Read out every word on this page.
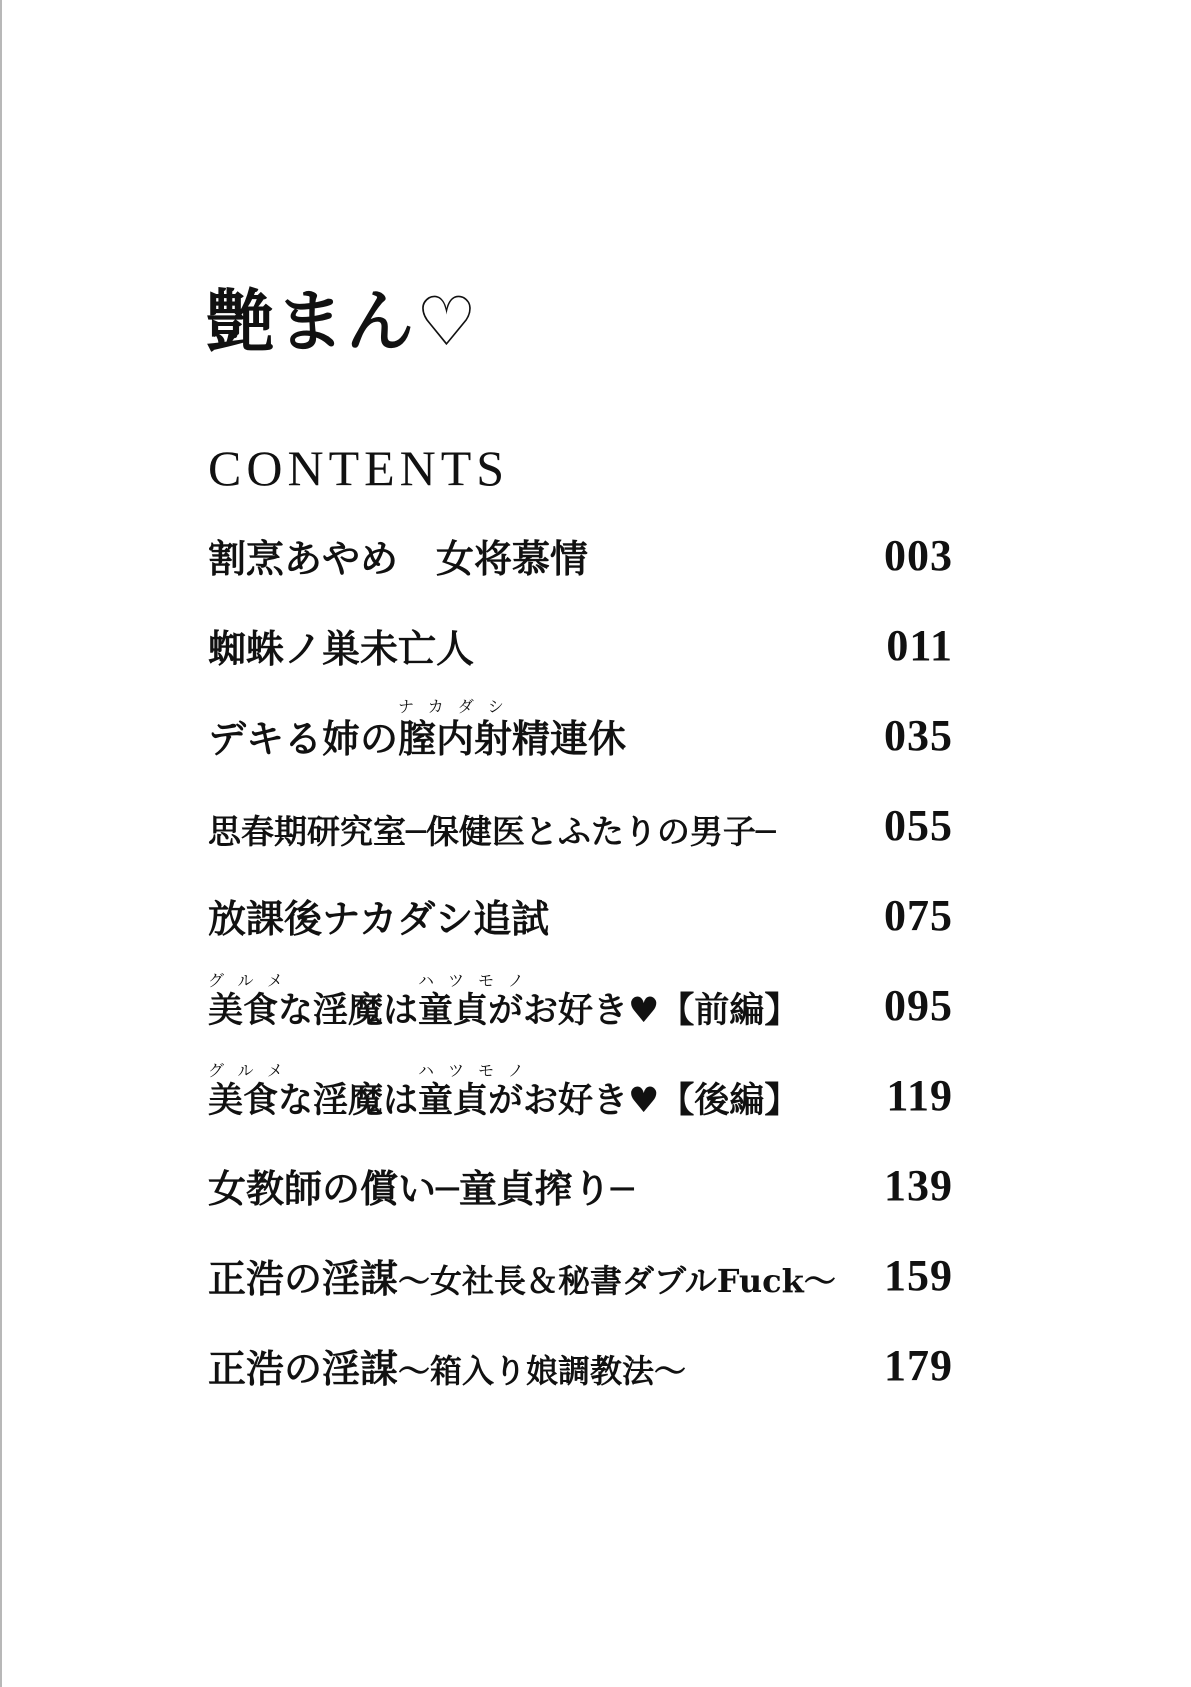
艶まん♡
CONTENTS
割烹あやめ　女将慕情	003
蜘蛛ノ巣未亡人	011
デキる姉の
ナカダシ
膣内射精連休	035
思春期研究室─保健医とふたりの男子─ 055
放課後ナカダシ追試	075
グルメ
美食な淫魔は
ハツモノ
童貞がお好き♥【前編】 095
グルメ
美食な淫魔は
ハツモノ
童貞がお好き♥【後編】 119
女教師の償い─童貞搾り─	139
正浩の淫謀〜女社長＆秘書ダブルFuck〜 159
正浩の淫謀〜箱入り娘調教法〜	179
